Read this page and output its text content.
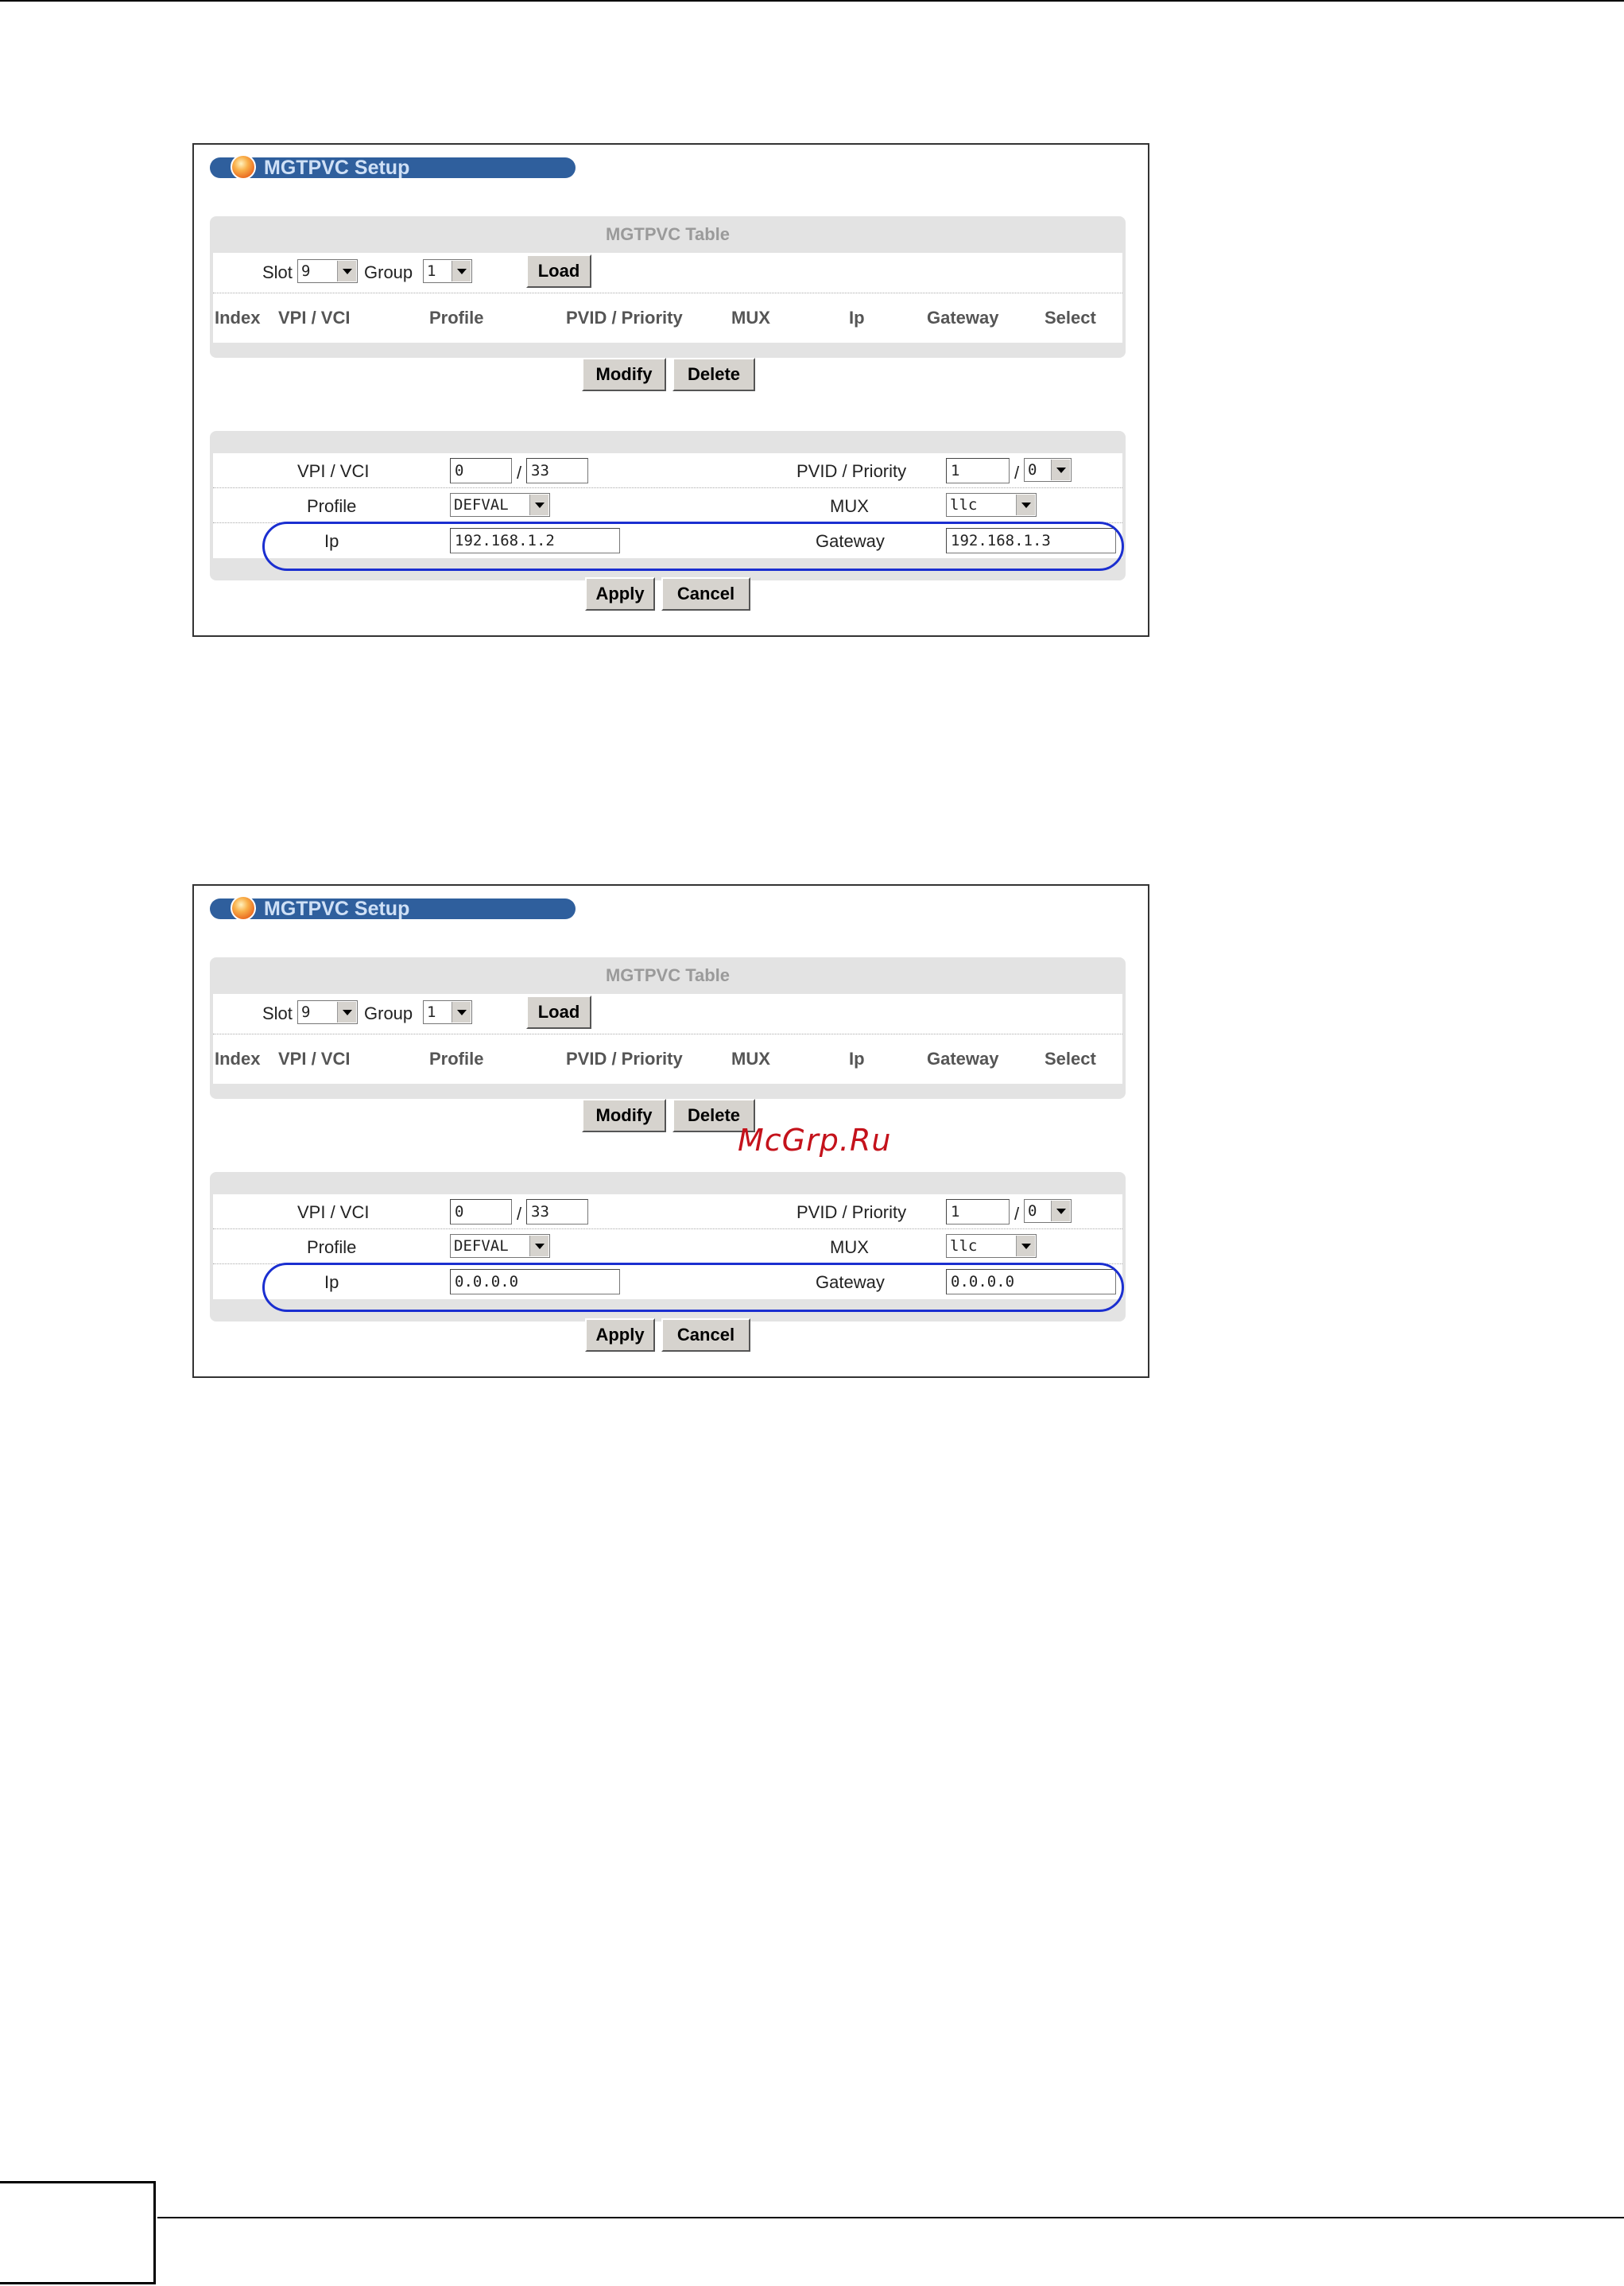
MGTPVC Setup
MGTPVC Table
Slot 9	Group 1	Load
Index VPI / VCI	Profile	PVID / Priority	MUX	Ip	Gateway	Select
Modify	Delete
VPI / VCI	0	/ 33	PVID / Priority	1	/ 0
Profile	DEFVAL	MUX	llc
Ip	192.168.1.2	Gateway	192.168.1.3
Apply	Cancel
MGTPVC Setup
MGTPVC Table
Slot 9	Group 1	Load
Index VPI / VCI	Profile	PVID / Priority	MUX	Ip	Gateway	Select
Modify	Delete
VPI / VCI	0	/ 33	PVID / Priority	1	/ 0
Profile	DEFVAL	MUX	llc
Ip	0.0.0.0	Gateway	0.0.0.0
Apply	Cancel
McGrp.Ru
